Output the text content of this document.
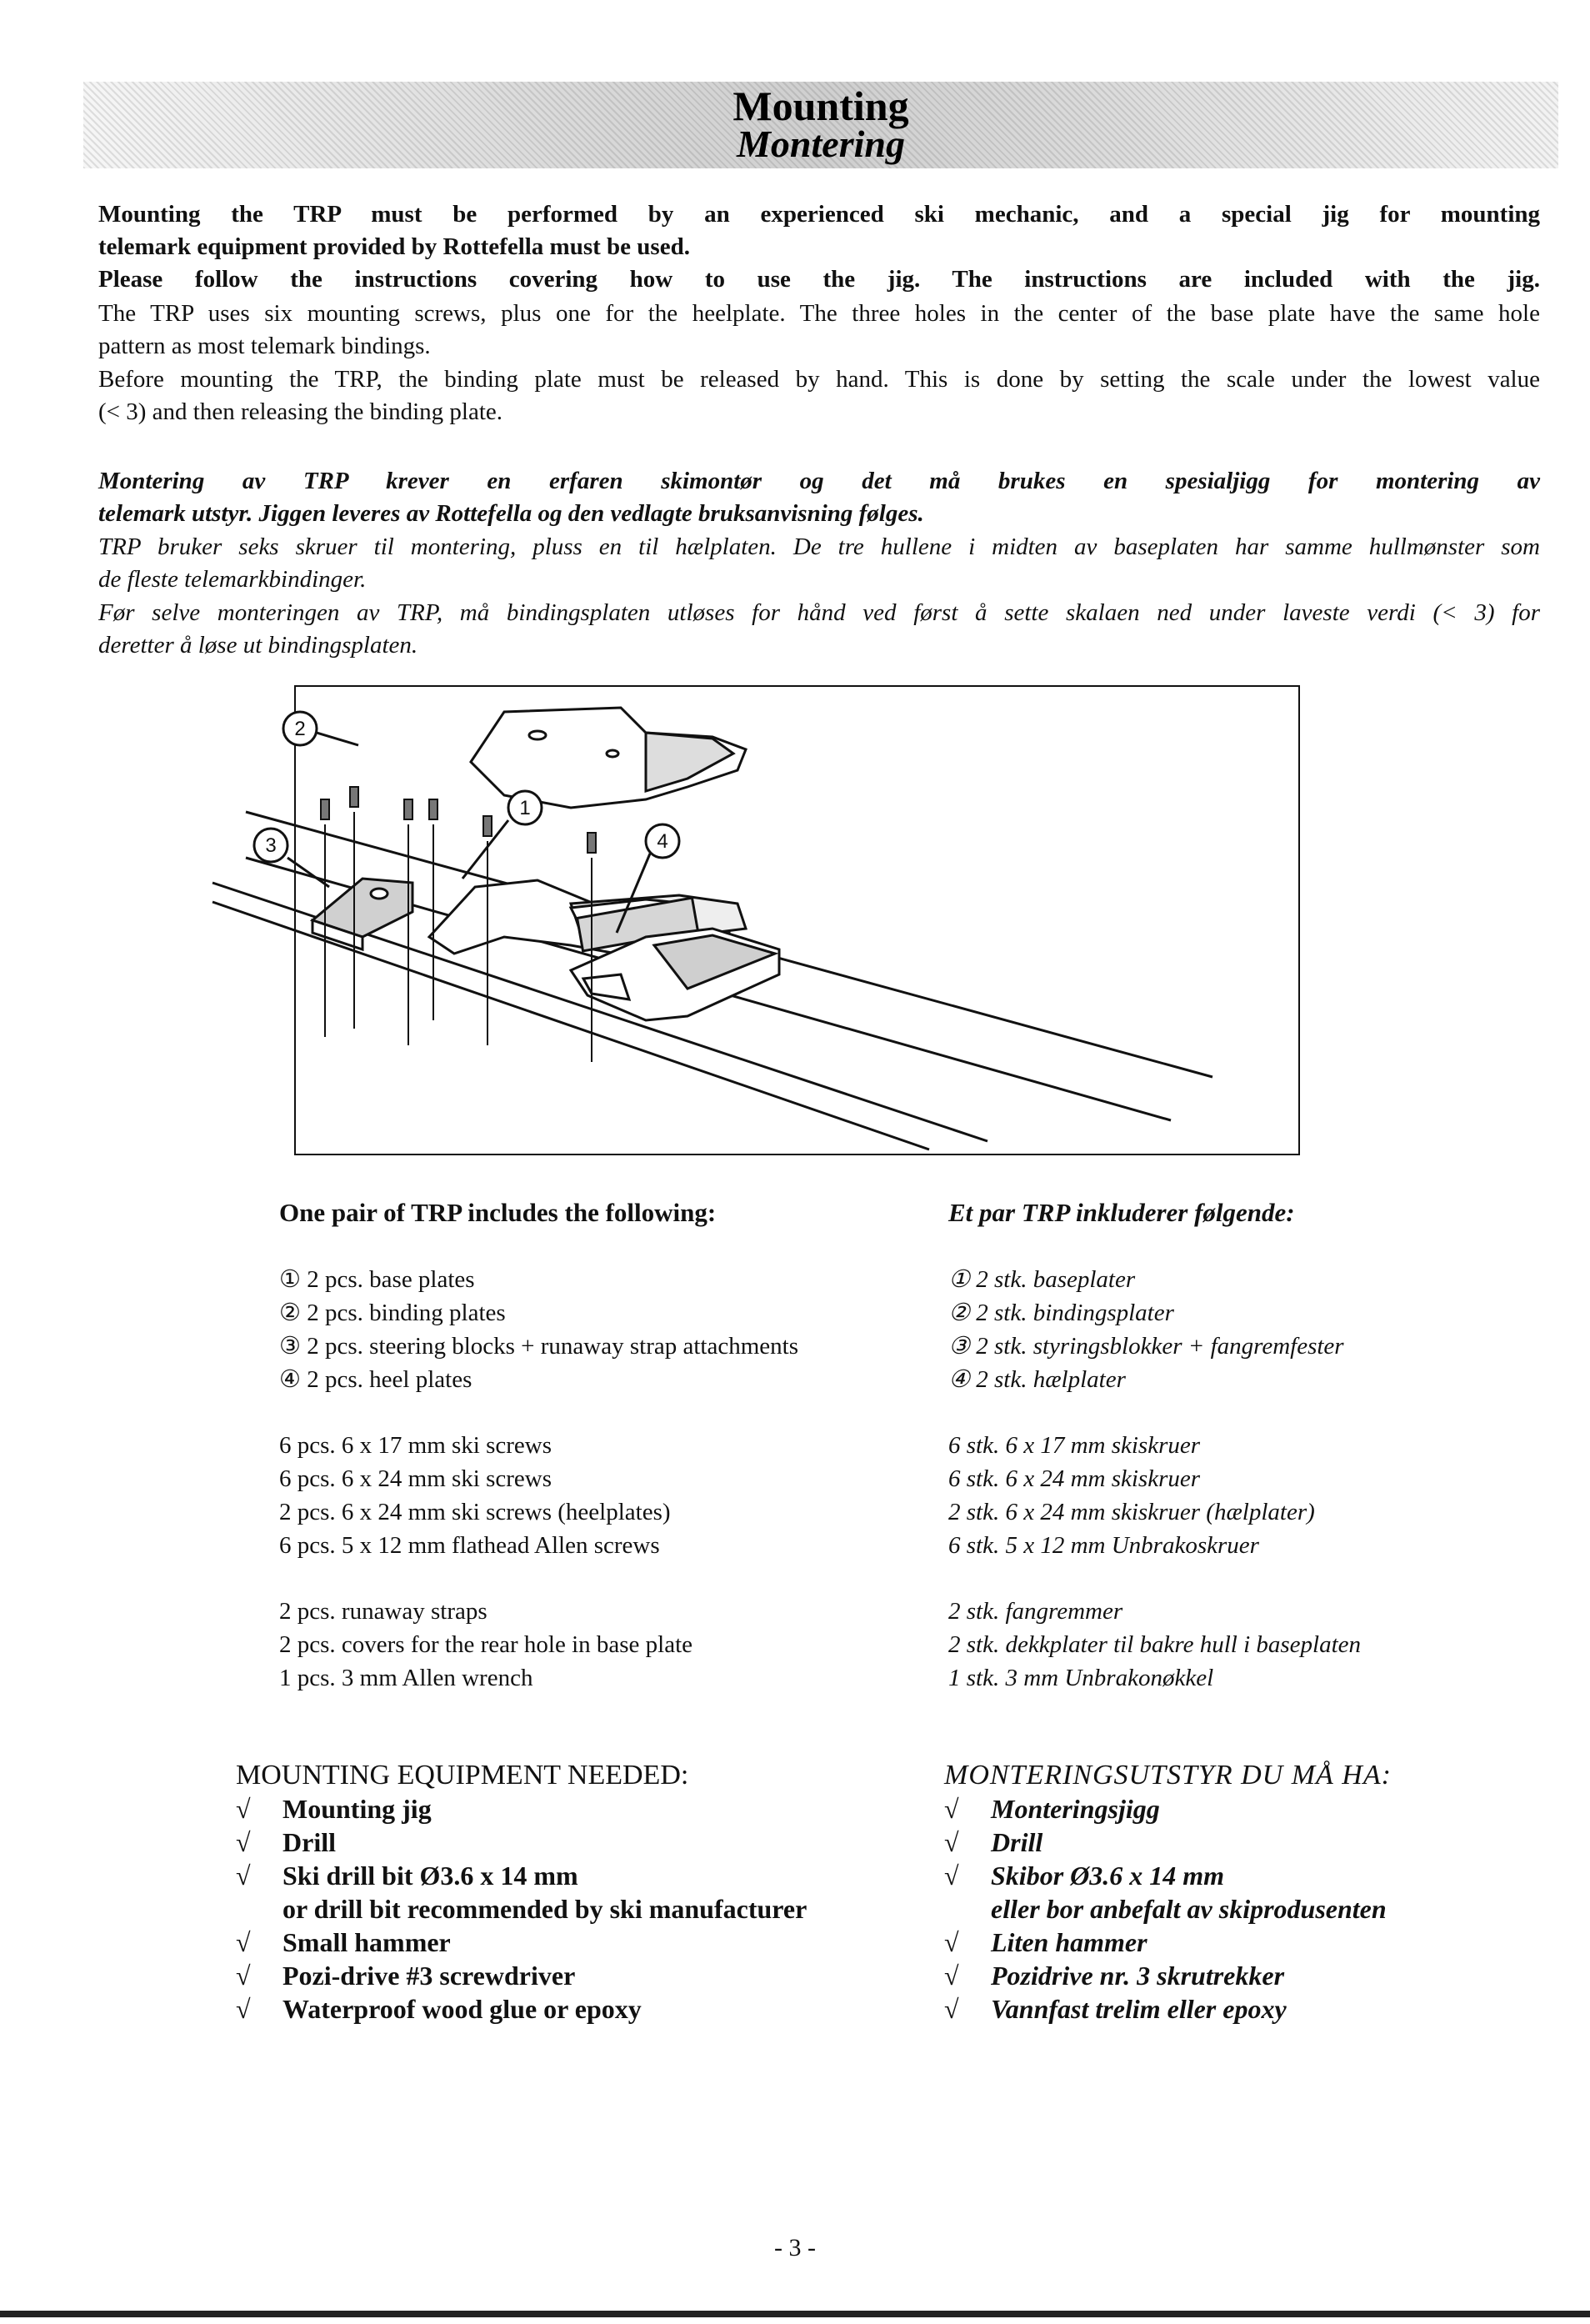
Mounting
Montering
Mounting the TRP must be performed by an experienced ski mechanic, and a special jig for mounting
telemark equipment provided by Rottefella must be used.
Please follow the instructions covering how to use the jig. The instructions are included with the jig.
The TRP uses six mounting screws, plus one for the heelplate. The three holes in the center of the base plate have the same hole
pattern as most telemark bindings.
Before mounting the TRP, the binding plate must be released by hand. This is done by setting the scale under the lowest value
(< 3) and then releasing the binding plate.
Montering av TRP krever en erfaren skimontør og det må brukes en spesialjigg for montering av
telemark utstyr. Jiggen leveres av Rottefella og den vedlagte bruksanvisning følges.
TRP bruker seks skruer til montering, pluss en til hælplaten. De tre hullene i midten av baseplaten har samme hullmønster som
de fleste telemarkbindinger.
Før selve monteringen av TRP, må bindingsplaten utløses for hånd ved først å sette skalaen ned under laveste verdi (< 3) for
deretter å løse ut bindingsplaten.
2
3
1
4
One pair of TRP includes the following:	Et par TRP inkluderer følgende:
① 2 pcs. base plates
② 2 pcs. binding plates
③ 2 pcs. steering blocks + runaway strap attachments
④ 2 pcs. heel plates
① 2 stk. baseplater
② 2 stk. bindingsplater
③ 2 stk. styringsblokker + fangremfester
④ 2 stk. hælplater
6 pcs. 6 x 17 mm ski screws
6 pcs. 6 x 24 mm ski screws
2 pcs. 6 x 24 mm ski screws (heelplates)
6 pcs. 5 x 12 mm flathead Allen screws
6 stk. 6 x 17 mm skiskruer
6 stk. 6 x 24 mm skiskruer
2 stk. 6 x 24 mm skiskruer (hælplater)
6 stk. 5 x 12 mm Unbrakoskruer
2 pcs. runaway straps
2 pcs. covers for the rear hole in base plate
1 pcs. 3 mm Allen wrench
2 stk. fangremmer
2 stk. dekkplater til bakre hull i baseplaten
1 stk. 3 mm Unbrakonøkkel
MOUNTING EQUIPMENT NEEDED:
√ Mounting jig
√ Drill
√ Ski drill bit Ø3.6 x 14 mm
or drill bit recommended by ski manufacturer
√ Small hammer
√ Pozi-drive #3 screwdriver
√ Waterproof wood glue or epoxy
MONTERINGSUTSTYR DU MÅ HA:
√ Monteringsjigg
√ Drill
√ Skibor Ø3.6 x 14 mm
eller bor anbefalt av skiprodusenten
√ Liten hammer
√ Pozidrive nr. 3 skrutrekker
√ Vannfast trelim eller epoxy
- 3 -
